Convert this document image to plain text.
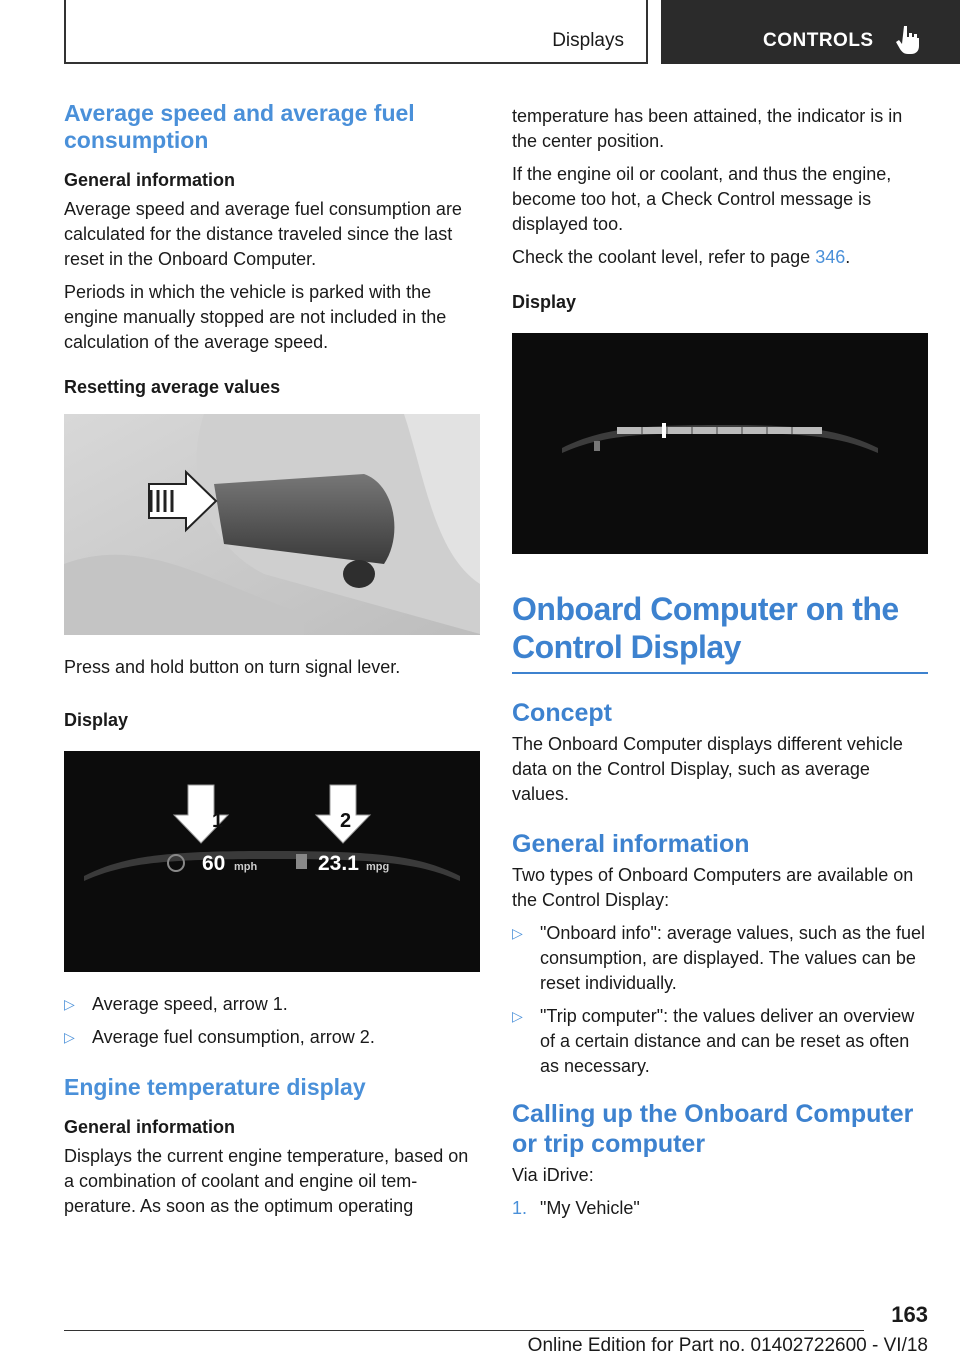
Displays	CONTROLS
Average speed and average fuel consumption
General information

Average speed and average fuel consumption are calculated for the distance traveled since the last reset in the Onboard Computer.

Periods in which the vehicle is parked with the engine manually stopped are not included in the calculation of the average speed.

Resetting average values

Press and hold button on turn signal lever.

Display
1	2
60 mph	23.1 mpg
▷ Average speed, arrow 1.
▷ Average fuel consumption, arrow 2.
Engine temperature display
General information

Displays the current engine temperature, based on a combination of coolant and engine oil temperature. As soon as the optimum operating

temperature has been attained, the indicator is in the center position.

If the engine oil or coolant, and thus the engine, become too hot, a Check Control message is displayed too.

Check the coolant level, refer to page 346.

Display
Onboard Computer on the Control Display
Concept

The Onboard Computer displays different vehicle data on the Control Display, such as average values.

General information

Two types of Onboard Computers are available on the Control Display:

▷ "Onboard info": average values, such as the fuel consumption, are displayed. The values can be reset individually.
▷ "Trip computer": the values deliver an overview of a certain distance and can be reset as often as necessary.
Calling up the Onboard Computer or trip computer

Via iDrive:

1. "My Vehicle"
163
Online Edition for Part no. 01402722600 - VI/18
